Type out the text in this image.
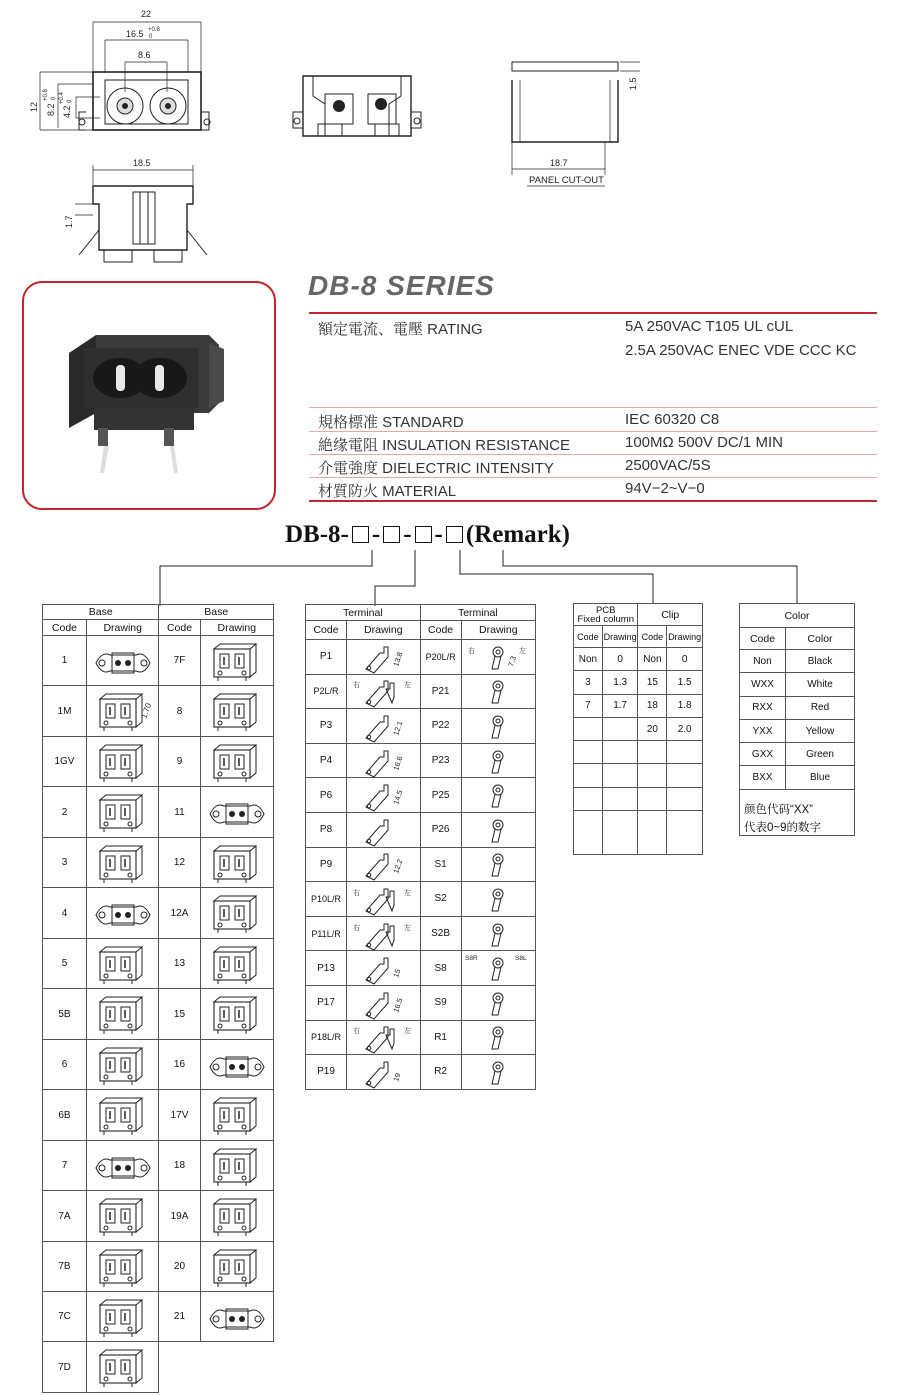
22
16.5 +0.8
0
8.6
12 8.2
+0.8 0
4.2
+0.4 0
18.5
1.7
1.5
18.7
PANEL CUT-OUT
DB-8 SERIES
額定電流、電壓 RATING	5A 250VAC T105 UL cUL
2.5A 250VAC ENEC VDE CCC KC
規格標准 STANDARD	IEC 60320 C8
絶缘電阻 INSULATION RESISTANCE	100MΩ 500V DC/1 MIN
介電強度 DIELECTRIC INTENSITY	2500VAC/5S
材質防火 MATERIAL	94V−2~V−0
DB-8- - - - (Remark)
Base		Base	
Code	Drawing	Code	Drawing
1		7F	

1M	1.70	8	

1GV		9	

2		11	

3		12	

4		12A	

5		13	

5B		15	

6		16	

6B		17V	

7		18	

7A		19A	

7B		20	

7C		21	

7D	

Terminal		Terminal	
Code	Drawing	Code	Drawing
P1	13.8	P20L/R	7.3
右 左

P2L/R	右 左	P21	

P3	12.1	P22	

P4	16.6	P23	

P6	14.5	P25	

P8		P26	

P9	12.2	S1	

P10L/R	右 左	S2	

P11L/R	右 左	S2B	

P13	15	S8	S8R S8L

P17	16.5	S9	

P18L/R	右 左	R1	

P19	19	R2	
PCB
Fixed column		Clip	
Code	Drawing	Code	Drawing
Non	0	Non	0
3	1.3	15	1.5
7	1.7	18	1.8
		20	2.0

Color	
Code	Color
Non	Black
WXX	White
RXX	Red
YXX	Yellow
GXX	Green
BXX	Blue

颜色代码“XX”
代表0~9的数字
